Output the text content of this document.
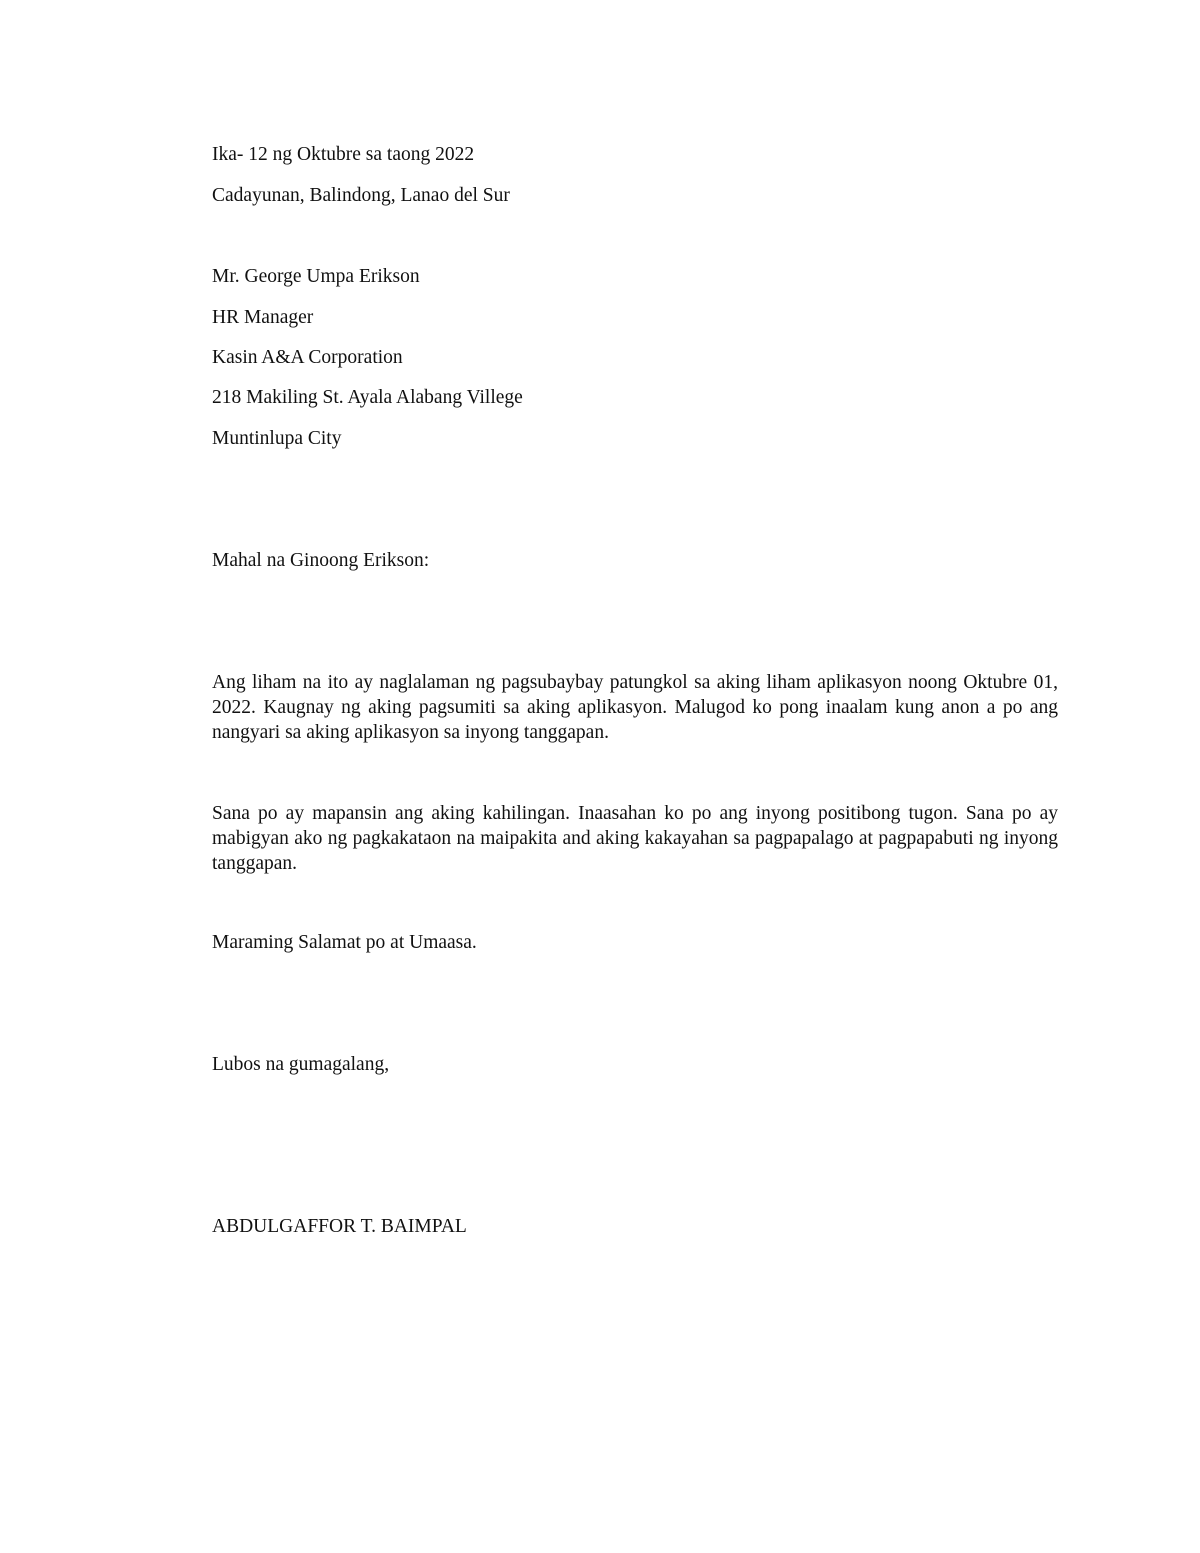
Ika- 12 ng Oktubre sa taong 2022
Cadayunan, Balindong, Lanao del Sur
Mr. George Umpa Erikson
HR Manager
Kasin A&A Corporation
218 Makiling St. Ayala Alabang Villege
Muntinlupa City
Mahal na Ginoong Erikson:
Ang liham na ito ay naglalaman ng pagsubaybay patungkol sa aking liham aplikasyon noong Oktubre 01, 2022. Kaugnay ng aking pagsumiti sa aking aplikasyon. Malugod ko pong inaalam kung anon a po ang nangyari sa aking aplikasyon sa inyong tanggapan.
Sana po ay mapansin ang aking kahilingan. Inaasahan ko po ang inyong positibong tugon. Sana po ay mabigyan ako ng pagkakataon na maipakita and aking kakayahan sa pagpapalago at pagpapabuti ng inyong tanggapan.
Maraming Salamat po at Umaasa.
Lubos na gumagalang,
ABDULGAFFOR T. BAIMPAL
